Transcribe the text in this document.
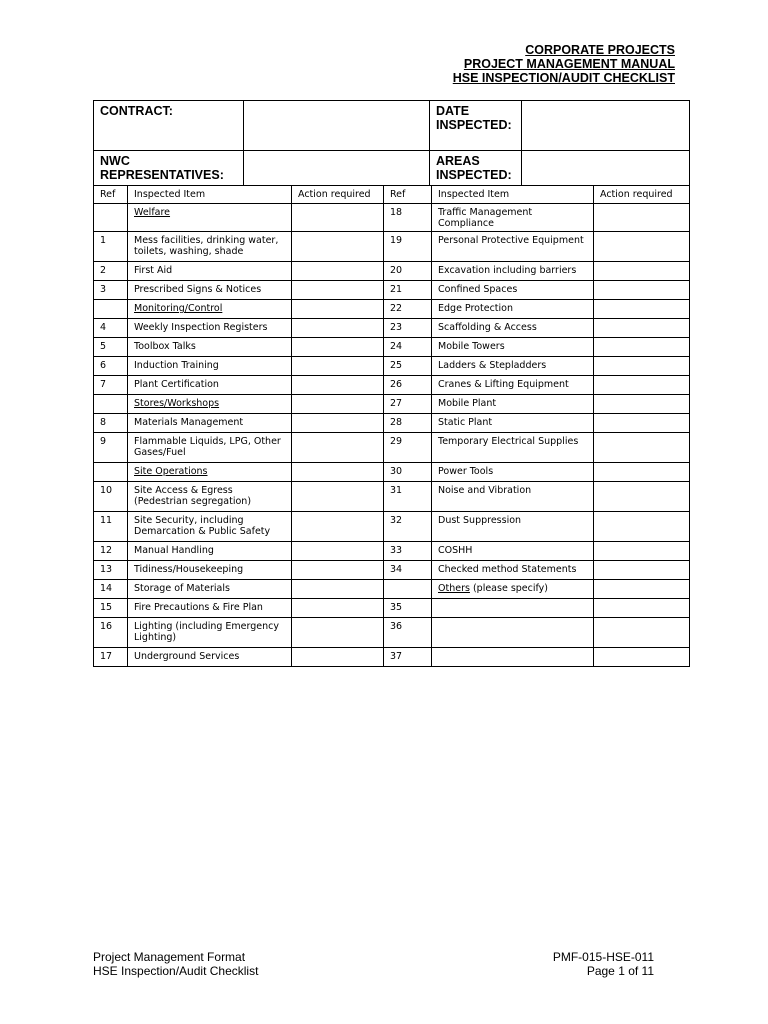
CORPORATE PROJECTS
PROJECT MANAGEMENT MANUAL
HSE INSPECTION/AUDIT CHECKLIST
CONTRACT:		DATE INSPECTED:	
NWC REPRESENTATIVES:		AREAS INSPECTED:	
Ref	Inspected Item	Action required	Ref	Inspected Item	Action required
	Welfare		18	Traffic Management Compliance	
1	Mess facilities, drinking water, toilets, washing, shade		19	Personal Protective Equipment	
2	First Aid		20	Excavation including barriers	
3	Prescribed Signs & Notices		21	Confined Spaces	
	Monitoring/Control		22	Edge Protection	
4	Weekly Inspection Registers		23	Scaffolding & Access	
5	Toolbox Talks		24	Mobile Towers	
6	Induction Training		25	Ladders & Stepladders	
7	Plant Certification		26	Cranes & Lifting Equipment	
	Stores/Workshops		27	Mobile Plant	
8	Materials Management		28	Static Plant	
9	Flammable Liquids, LPG, Other Gases/Fuel		29	Temporary Electrical Supplies	
	Site Operations		30	Power Tools	
10	Site Access & Egress (Pedestrian segregation)		31	Noise and Vibration	
11	Site Security, including Demarcation & Public Safety		32	Dust Suppression	
12	Manual Handling		33	COSHH	
13	Tidiness/Housekeeping		34	Checked method Statements	
14	Storage of Materials			Others (please specify)	
15	Fire Precautions & Fire Plan		35		
16	Lighting (including Emergency Lighting)		36		
17	Underground Services		37		
Project Management Format
HSE Inspection/Audit Checklist
PMF-015-HSE-011
Page 1 of 11
